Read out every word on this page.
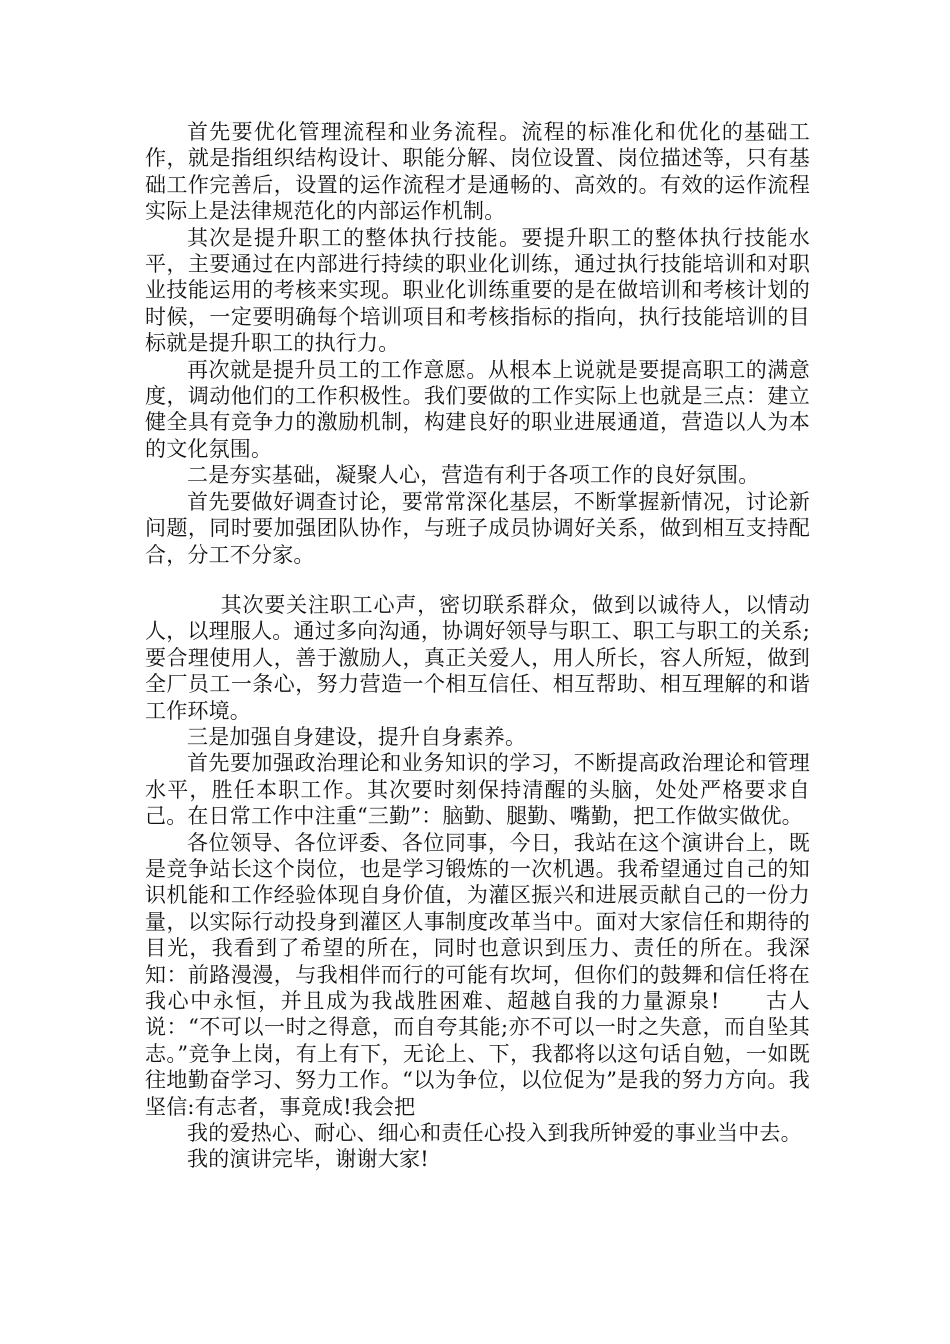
首先要优化管理流程和业务流程。流程的标准化和优化的基础工作，就是指组织结构设计、职能分解、岗位设置、岗位描述等，只有基础工作完善后，设置的运作流程才是通畅的、高效的。有效的运作流程实际上是法律规范化的内部运作机制。

其次是提升职工的整体执行技能。要提升职工的整体执行技能水平，主要通过在内部进行持续的职业化训练，通过执行技能培训和对职业技能运用的考核来实现。职业化训练重要的是在做培训和考核计划的时候，一定要明确每个培训项目和考核指标的指向，执行技能培训的目标就是提升职工的执行力。

再次就是提升员工的工作意愿。从根本上说就是要提高职工的满意度，调动他们的工作积极性。我们要做的工作实际上也就是三点：建立健全具有竞争力的激励机制，构建良好的职业进展通道，营造以人为本的文化氛围。

二是夯实基础，凝聚人心，营造有利于各项工作的良好氛围。

首先要做好调查讨论，要常常深化基层，不断掌握新情况，讨论新问题，同时要加强团队协作，与班子成员协调好关系，做到相互支持配合，分工不分家。

其次要关注职工心声，密切联系群众，做到以诚待人，以情动人，以理服人。通过多向沟通，协调好领导与职工、职工与职工的关系;要合理使用人，善于激励人，真正关爱人，用人所长，容人所短，做到全厂员工一条心，努力营造一个相互信任、相互帮助、相互理解的和谐工作环境。

三是加强自身建设，提升自身素养。

首先要加强政治理论和业务知识的学习，不断提高政治理论和管理水平，胜任本职工作。其次要时刻保持清醒的头脑，处处严格要求自己。在日常工作中注重“三勤”：脑勤、腿勤、嘴勤，把工作做实做优。

各位领导、各位评委、各位同事，今日，我站在这个演讲台上，既是竞争站长这个岗位，也是学习锻炼的一次机遇。我希望通过自己的知识机能和工作经验体现自身价值，为灌区振兴和进展贡献自己的一份力量，以实际行动投身到灌区人事制度改革当中。面对大家信任和期待的目光，我看到了希望的所在，同时也意识到压力、责任的所在。我深知：前路漫漫，与我相伴而行的可能有坎坷，但你们的鼓舞和信任将在我心中永恒，并且成为我战胜困难、超越自我的力量源泉!　　古人说：“不可以一时之得意，而自夸其能;亦不可以一时之失意，而自坠其志。”竞争上岗，有上有下，无论上、下，我都将以这句话自勉，一如既往地勤奋学习、努力工作。“以为争位，以位促为”是我的努力方向。我坚信:有志者，事竟成!我会把

我的爱热心、耐心、细心和责任心投入到我所钟爱的事业当中去。

我的演讲完毕，谢谢大家!
